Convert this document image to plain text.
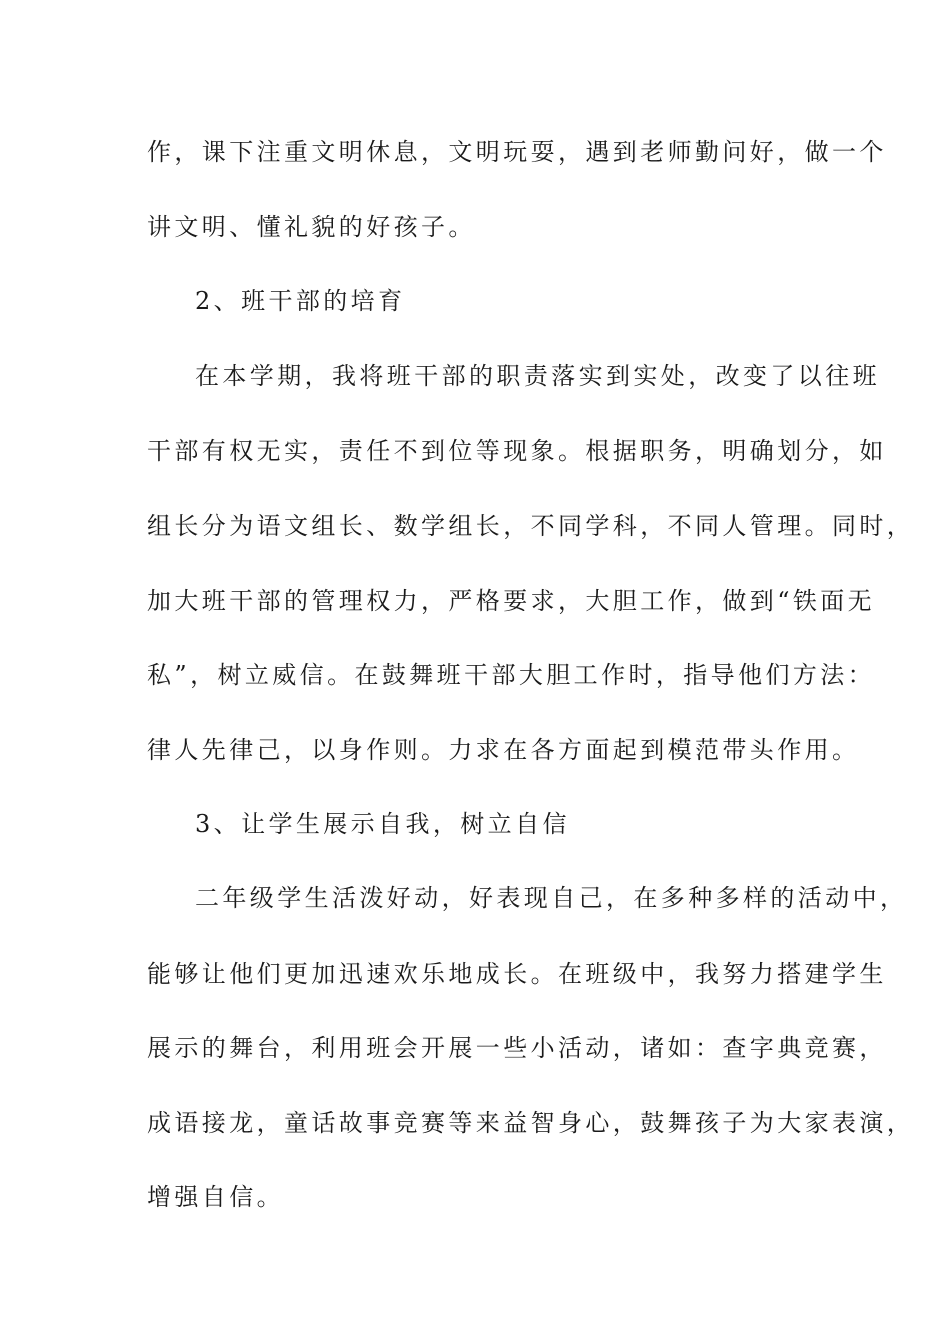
作，课下注重文明休息，文明玩耍，遇到老师勤问好，做一个
讲文明、懂礼貌的好孩子。
2、班干部的培育
在本学期，我将班干部的职责落实到实处，改变了以往班
干部有权无实，责任不到位等现象。根据职务，明确划分，如
组长分为语文组长、数学组长，不同学科，不同人管理。同时，
加大班干部的管理权力，严格要求，大胆工作，做到“铁面无
私”，树立威信。在鼓舞班干部大胆工作时，指导他们方法：
律人先律己，以身作则。力求在各方面起到模范带头作用。
3、让学生展示自我，树立自信
二年级学生活泼好动，好表现自己，在多种多样的活动中，
能够让他们更加迅速欢乐地成长。在班级中，我努力搭建学生
展示的舞台，利用班会开展一些小活动，诸如：查字典竞赛，
成语接龙，童话故事竞赛等来益智身心，鼓舞孩子为大家表演，
增强自信。
